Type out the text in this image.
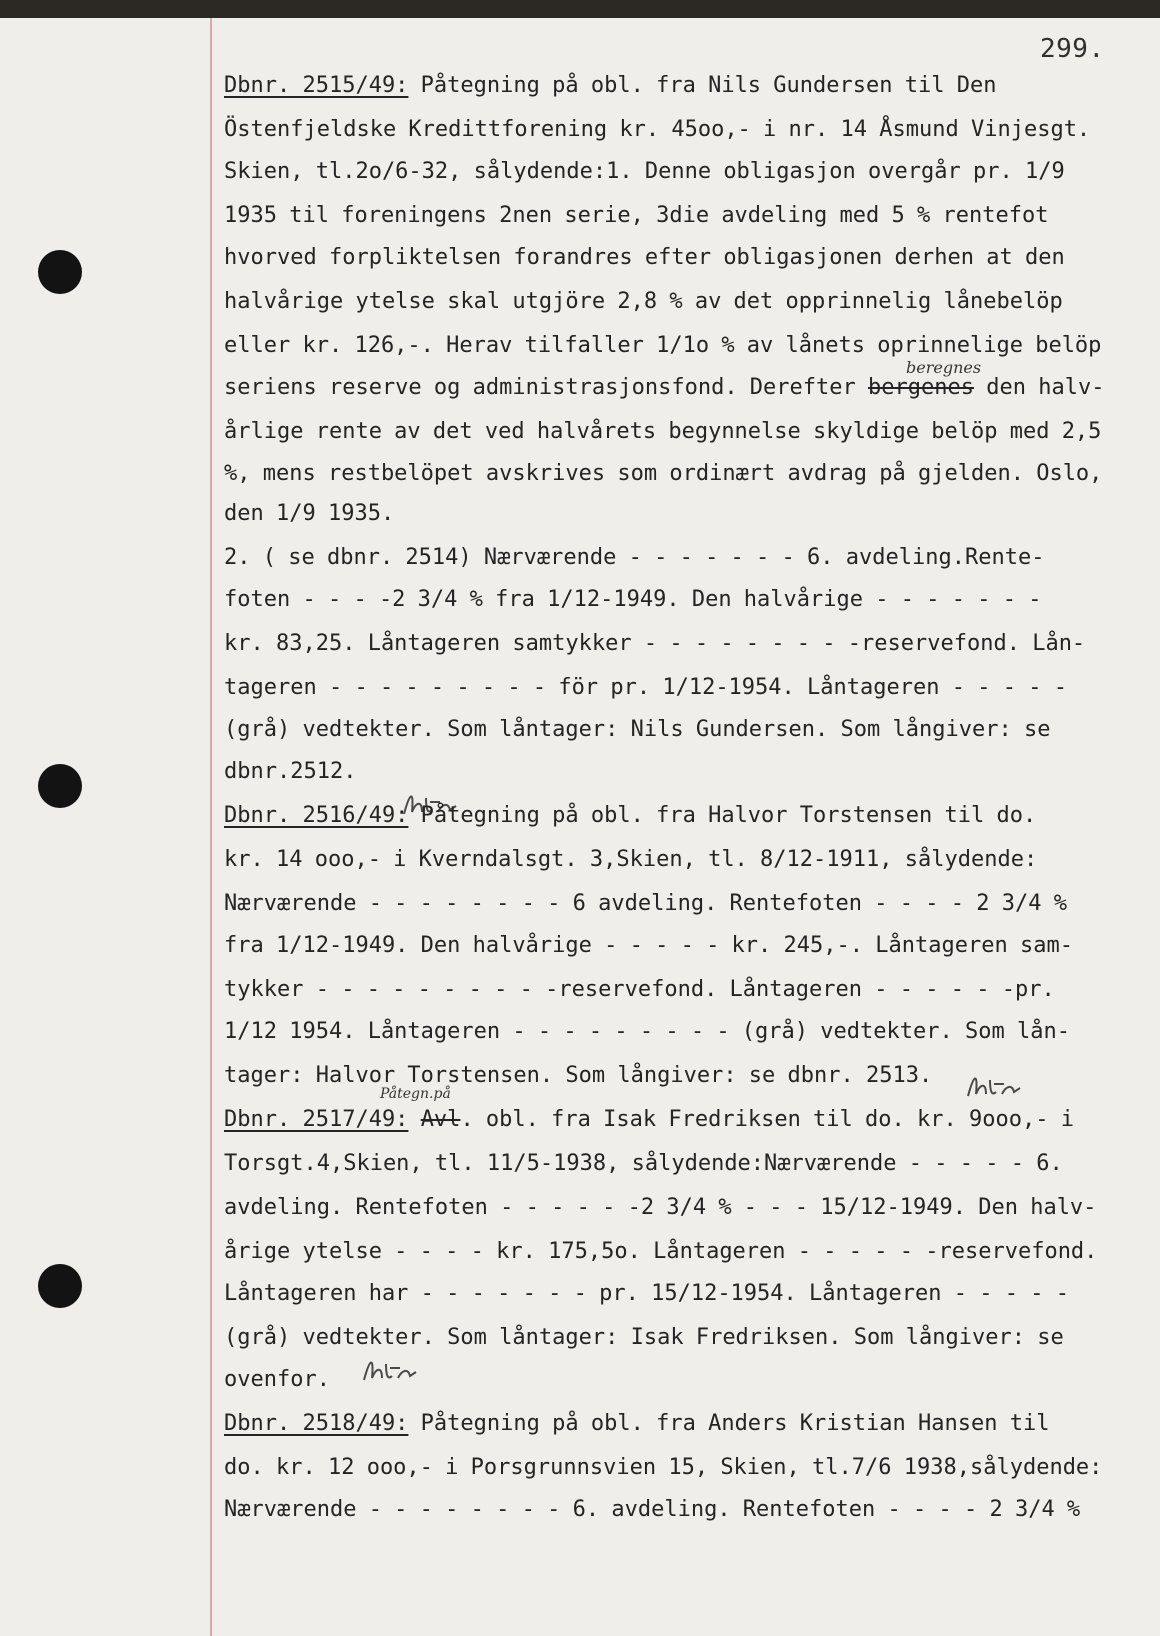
299.
beregnes
Påtegn.på
Dbnr. 2515/49: Påtegning på obl. fra Nils Gundersen til Den
Östenfjeldske Kredittforening kr. 45oo,- i nr. 14 Åsmund Vinjesgt.
Skien, tl.2o/6-32, sålydende:1. Denne obligasjon overgår pr. 1/9
1935 til foreningens 2nen serie, 3die avdeling med 5 % rentefot
hvorved forpliktelsen forandres efter obligasjonen derhen at den
halvårige ytelse skal utgjöre 2,8 % av det opprinnelig lånebelöp
eller kr. 126,-. Herav tilfaller 1/1o % av lånets oprinnelige belöp
seriens reserve og administrasjonsfond. Derefter bergenes den halv-
årlige rente av det ved halvårets begynnelse skyldige belöp med 2,5
%, mens restbelöpet avskrives som ordinært avdrag på gjelden. Oslo,
den 1/9 1935.
2. ( se dbnr. 2514) Nærværende - - - - - - - 6. avdeling.Rente-
foten - - - -2 3/4 % fra 1/12-1949. Den halvårige - - - - - - -
kr. 83,25. Låntageren samtykker - - - - - - - - -reservefond. Lån-
tageren - - - - - - - - - för pr. 1/12-1954. Låntageren - - - - -
(grå) vedtekter. Som låntager: Nils Gundersen. Som långiver: se
dbnr.2512.
Dbnr. 2516/49: Påtegning på obl. fra Halvor Torstensen til do.
kr. 14 ooo,- i Kverndalsgt. 3,Skien, tl. 8/12-1911, sålydende:
Nærværende - - - - - - - - 6 avdeling. Rentefoten - - - - 2 3/4 %
fra 1/12-1949. Den halvårige - - - - - kr. 245,-. Låntageren sam-
tykker - - - - - - - - - -reservefond. Låntageren - - - - - -pr.
1/12 1954. Låntageren - - - - - - - - - (grå) vedtekter. Som lån-
tager: Halvor Torstensen. Som långiver: se dbnr. 2513.
Dbnr. 2517/49: Avl. obl. fra Isak Fredriksen til do. kr. 9ooo,- i
Torsgt.4,Skien, tl. 11/5-1938, sålydende:Nærværende - - - - - 6.
avdeling. Rentefoten - - - - - -2 3/4 % - - - 15/12-1949. Den halv-
årige ytelse - - - - kr. 175,5o. Låntageren - - - - - -reservefond.
Låntageren har - - - - - - - pr. 15/12-1954. Låntageren - - - - -
(grå) vedtekter. Som låntager: Isak Fredriksen. Som långiver: se
ovenfor.
Dbnr. 2518/49: Påtegning på obl. fra Anders Kristian Hansen til
do. kr. 12 ooo,- i Porsgrunnsvien 15, Skien, tl.7/6 1938,sålydende:
Nærværende - - - - - - - - 6. avdeling. Rentefoten - - - - 2 3/4 %
